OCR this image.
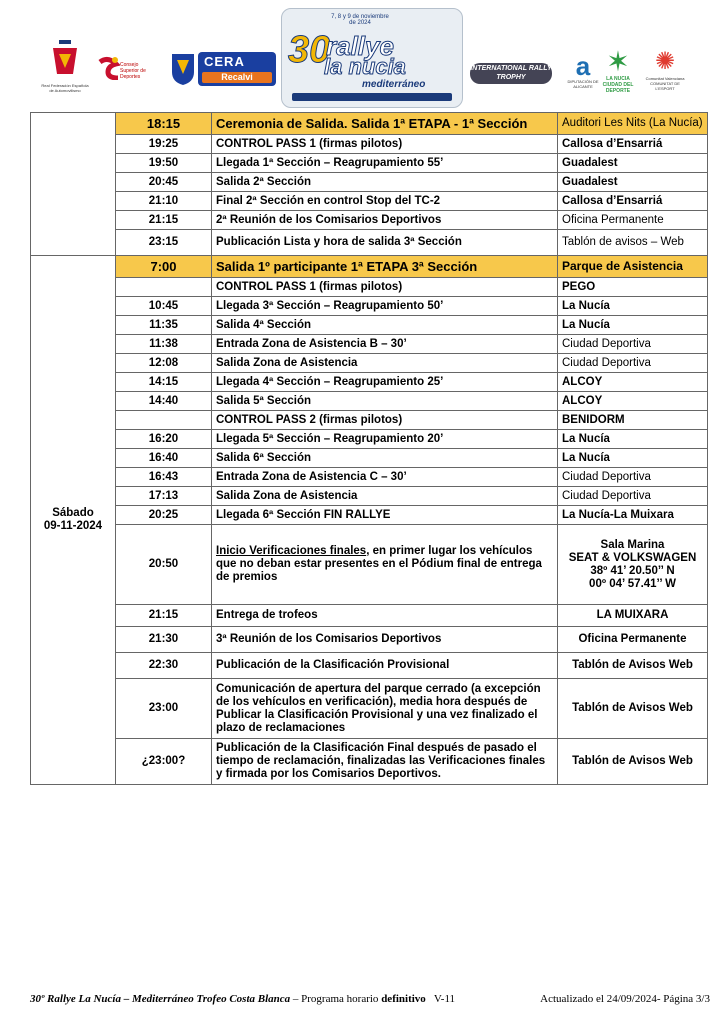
Real Federación Española de Automovilismo
Consejo Superior de Deportes
CERA
Recalvi
7, 8 y 9 de noviembre de 2024
30
rallye
la nucia
mediterráneo
INTERNATIONAL RALLY TROPHY	a
DIPUTACIÓN DE ALICANTE
✶
LA NUCIA
CIUDAD DEL DEPORTE
✺
Comunitat Valenciana COMUNITAT DE L'ESPORT
	18:15	Ceremonia de Salida. Salida 1ª ETAPA - 1ª Sección	Auditori Les Nits (La Nucía)
	19:25	CONTROL PASS 1 (firmas pilotos)	Callosa d’Ensarriá
	19:50	Llegada 1ª Sección – Reagrupamiento 55’	Guadalest
	20:45	Salida 2ª Sección	Guadalest
	21:10	Final 2ª Sección en control Stop del TC-2	Callosa d’Ensarriá
	21:15	2ª Reunión de los Comisarios Deportivos	Oficina Permanente
	23:15	Publicación Lista y hora de salida 3ª Sección	Tablón de avisos – Web
Sábado
09-11-2024	7:00	Salida 1º participante 1ª ETAPA 3ª Sección	Parque de Asistencia
		CONTROL PASS 1 (firmas pilotos)	PEGO
	10:45	Llegada 3ª Sección – Reagrupamiento 50’	La Nucía
	11:35	Salida 4ª Sección	La Nucía
	11:38	Entrada Zona de Asistencia B – 30’	Ciudad Deportiva
	12:08	Salida Zona de Asistencia	Ciudad Deportiva
	14:15	Llegada 4ª Sección – Reagrupamiento 25’	ALCOY
	14:40	Salida 5ª Sección	ALCOY
		CONTROL PASS 2 (firmas pilotos)	BENIDORM
	16:20	Llegada 5ª Sección – Reagrupamiento 20’	La Nucía
	16:40	Salida 6ª Sección	La Nucía
	16:43	Entrada Zona de Asistencia C – 30’	Ciudad Deportiva
	17:13	Salida Zona de Asistencia	Ciudad Deportiva
	20:25	Llegada 6ª Sección FIN RALLYE	La Nucía-La Muixara
	20:50	Inicio Verificaciones finales, en primer lugar los vehículos que no deban estar presentes en el Pódium final de entrega de premios	Sala Marina
SEAT & VOLKSWAGEN
38º 41’ 20.50’’ N
00º 04’ 57.41’’ W
	21:15	Entrega de trofeos	LA MUIXARA
	21:30	3ª Reunión de los Comisarios Deportivos	Oficina Permanente
	22:30	Publicación de la Clasificación Provisional	Tablón de Avisos Web
	23:00	Comunicación de apertura del parque cerrado (a excepción de los vehículos en verificación), media hora después de Publicar la Clasificación Provisional y una vez finalizado el plazo de reclamaciones	Tablón de Avisos Web
	¿23:00?	Publicación de la Clasificación Final después de pasado el tiempo de reclamación, finalizadas las Verificaciones finales y firmada por los Comisarios Deportivos.	Tablón de Avisos Web
30º Rallye La Nucía – Mediterráneo Trofeo Costa Blanca – Programa horario definitivo   V-11	Actualizado el 24/09/2024- Página 3/3
